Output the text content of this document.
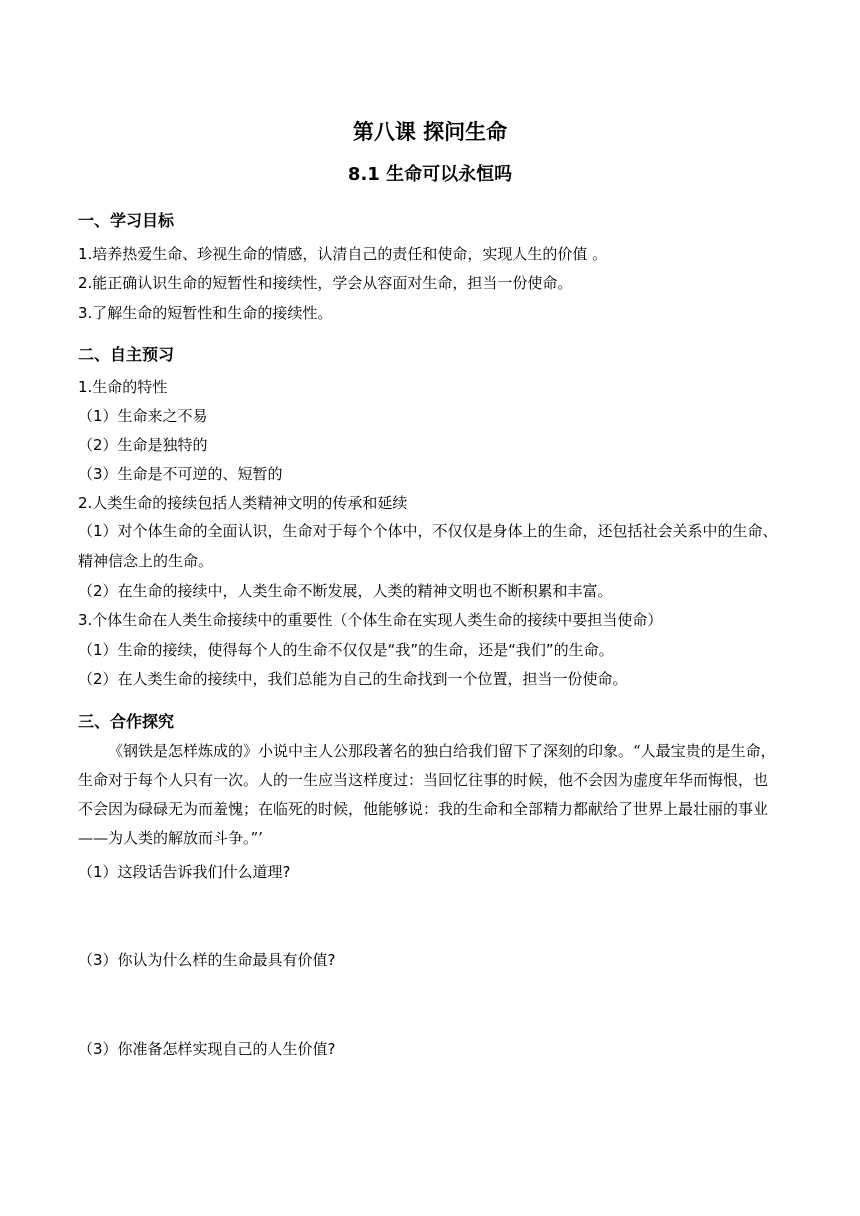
第八课 探问生命
8.1 生命可以永恒吗
一、学习目标
1.培养热爱生命、珍视生命的情感，认清自己的责任和使命，实现人生的价值 。
2.能正确认识生命的短暂性和接续性，学会从容面对生命，担当一份使命。
3.了解生命的短暂性和生命的接续性。
二、自主预习
1.生命的特性
（1）生命来之不易
（2）生命是独特的
（3）生命是不可逆的、短暂的
2.人类生命的接续包括人类精神文明的传承和延续
（1）对个体生命的全面认识，生命对于每个个体中，不仅仅是身体上的生命，还包括社会关系中的生命、精神信念上的生命。
（2）在生命的接续中，人类生命不断发展，人类的精神文明也不断积累和丰富。
3.个体生命在人类生命接续中的重要性（个体生命在实现人类生命的接续中要担当使命）
（1）生命的接续，使得每个人的生命不仅仅是“我”的生命，还是“我们”的生命。
（2）在人类生命的接续中，我们总能为自己的生命找到一个位置，担当一份使命。
三、合作探究
《钢铁是怎样炼成的》小说中主人公那段著名的独白给我们留下了深刻的印象。“人最宝贵的是生命，生命对于每个人只有一次。人的一生应当这样度过：当回忆往事的时候，他不会因为虚度年华而悔恨，也不会因为碌碌无为而羞愧；在临死的时候，他能够说：我的生命和全部精力都献给了世界上最壮丽的事业——为人类的解放而斗争。”’
（1）这段话告诉我们什么道理?
（3）你认为什么样的生命最具有价值?
（3）你准备怎样实现自己的人生价值?
